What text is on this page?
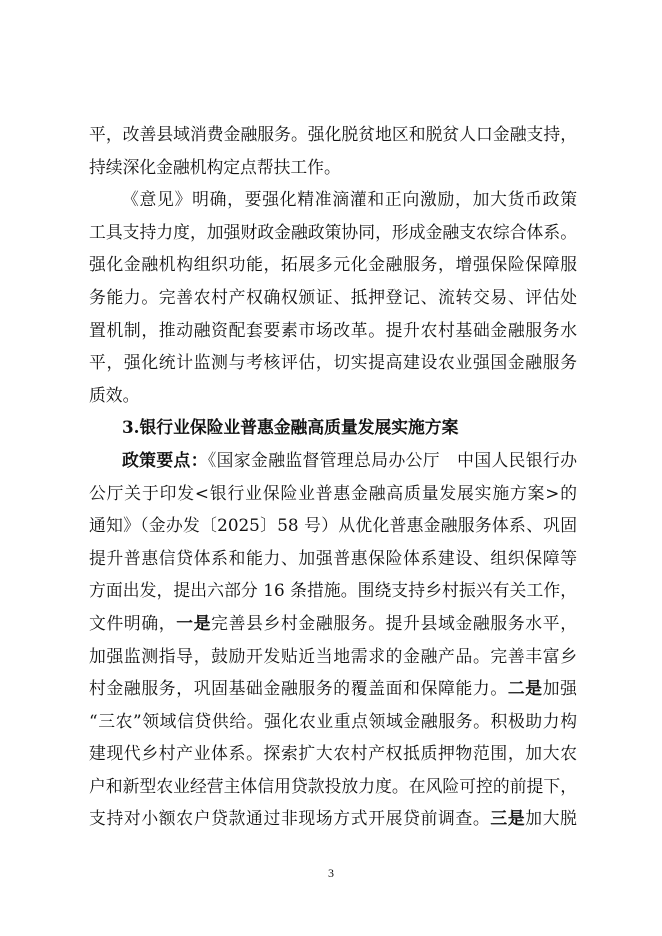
平，改善县域消费金融服务。强化脱贫地区和脱贫人口金融支持，
持续深化金融机构定点帮扶工作。
《意见》明确，要强化精准滴灌和正向激励，加大货币政策
工具支持力度，加强财政金融政策协同，形成金融支农综合体系。
强化金融机构组织功能，拓展多元化金融服务，增强保险保障服
务能力。完善农村产权确权颁证、抵押登记、流转交易、评估处
置机制，推动融资配套要素市场改革。提升农村基础金融服务水
平，强化统计监测与考核评估，切实提高建设农业强国金融服务
质效。
3.银行业保险业普惠金融高质量发展实施方案
政策要点：《国家金融监督管理总局办公厅　中国人民银行办
公厅关于印发<银行业保险业普惠金融高质量发展实施方案>的
通知》（金办发〔2025〕58 号）从优化普惠金融服务体系、巩固
提升普惠信贷体系和能力、加强普惠保险体系建设、组织保障等
方面出发，提出六部分 16 条措施。围绕支持乡村振兴有关工作，
文件明确，一是完善县乡村金融服务。提升县域金融服务水平，
加强监测指导，鼓励开发贴近当地需求的金融产品。完善丰富乡
村金融服务，巩固基础金融服务的覆盖面和保障能力。二是加强
“三农”领域信贷供给。强化农业重点领域金融服务。积极助力构
建现代乡村产业体系。探索扩大农村产权抵质押物范围，加大农
户和新型农业经营主体信用贷款投放力度。在风险可控的前提下，
支持对小额农户贷款通过非现场方式开展贷前调查。三是加大脱
3
